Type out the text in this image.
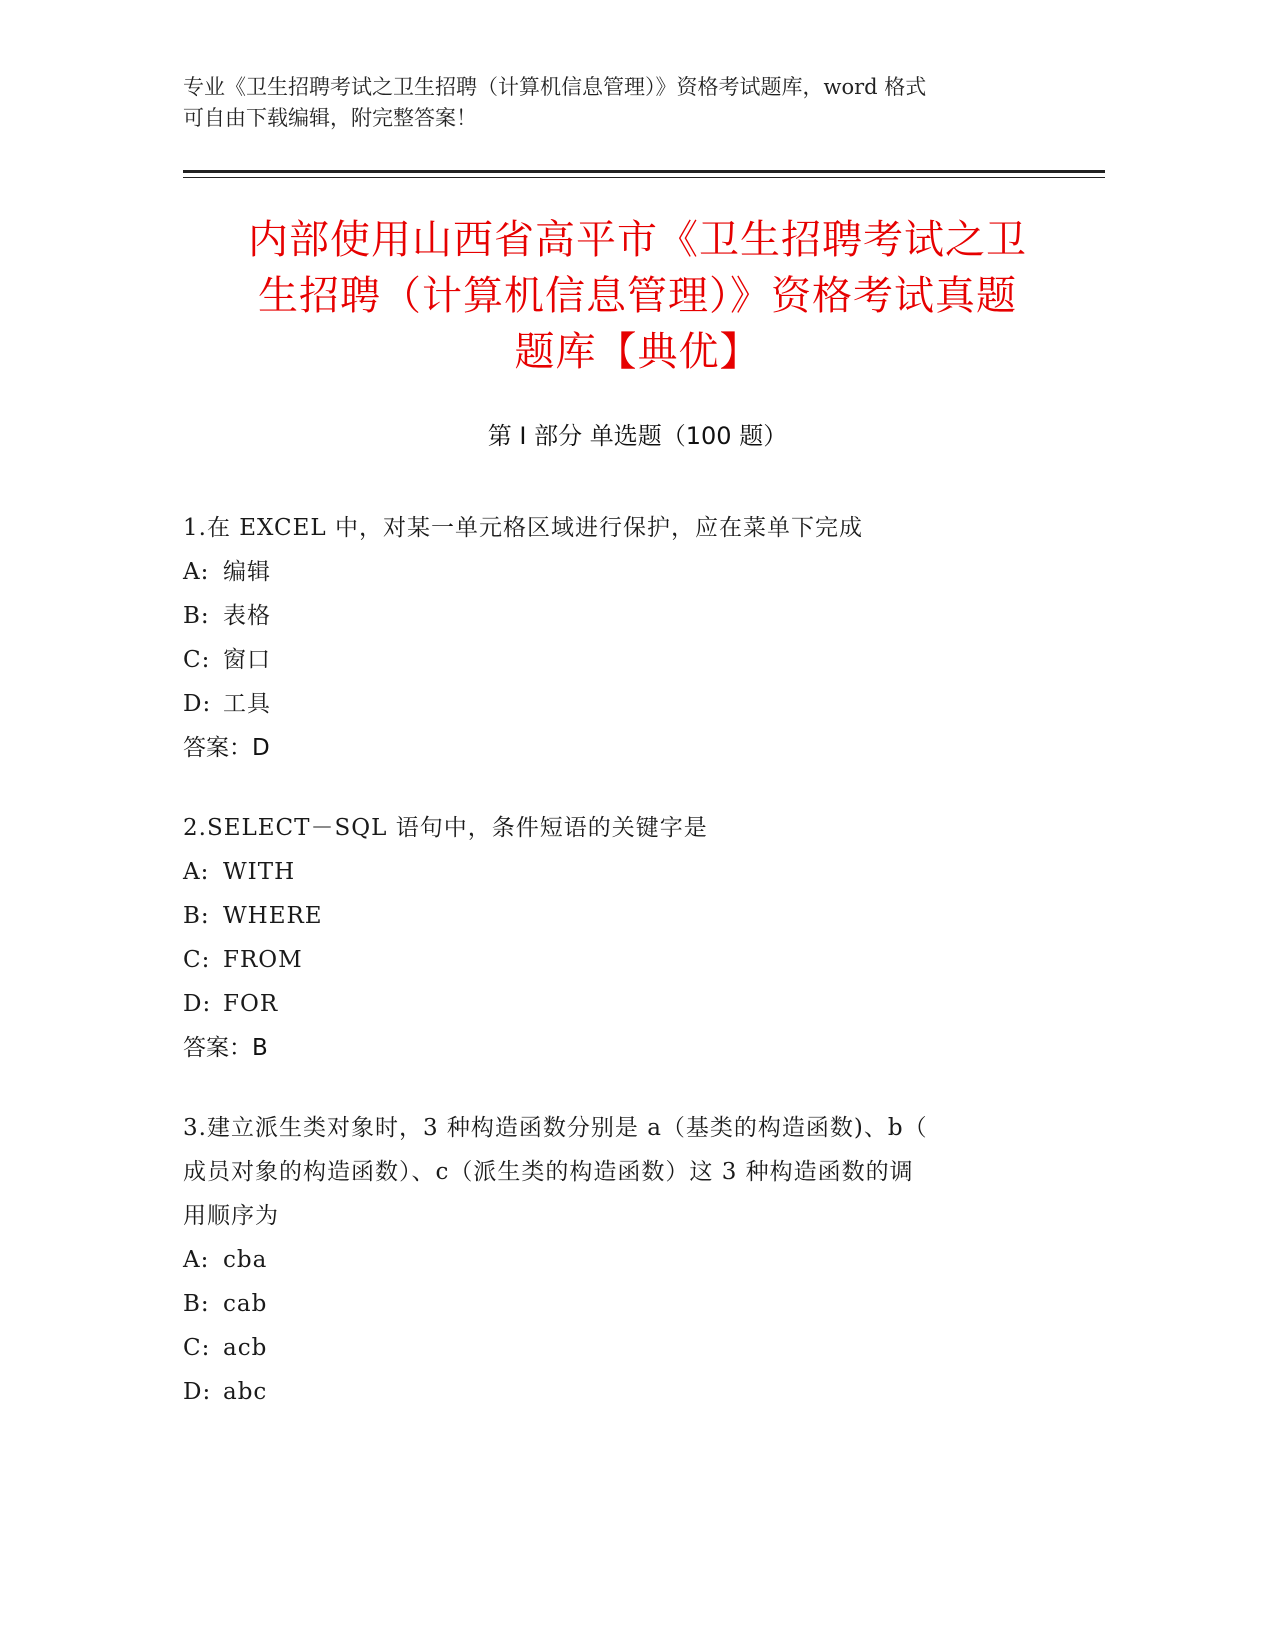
专业《卫生招聘考试之卫生招聘（计算机信息管理）》资格考试题库，word 格式
可自由下载编辑，附完整答案！
内部使用山西省高平市《卫生招聘考试之卫
生招聘（计算机信息管理）》资格考试真题
题库【典优】
第 I 部分 单选题（100 题）
1.在 EXCEL 中，对某一单元格区域进行保护，应在菜单下完成
A: 编辑
B: 表格
C: 窗口
D: 工具
答案：D
2.SELECT－SQL 语句中，条件短语的关键字是
A: WITH
B: WHERE
C: FROM
D: FOR
答案：B
3.建立派生类对象时，3 种构造函数分别是 a（基类的构造函数)、b（
成员对象的构造函数）、c（派生类的构造函数）这 3 种构造函数的调
用顺序为
A: cba
B: cab
C: acb
D: abc
